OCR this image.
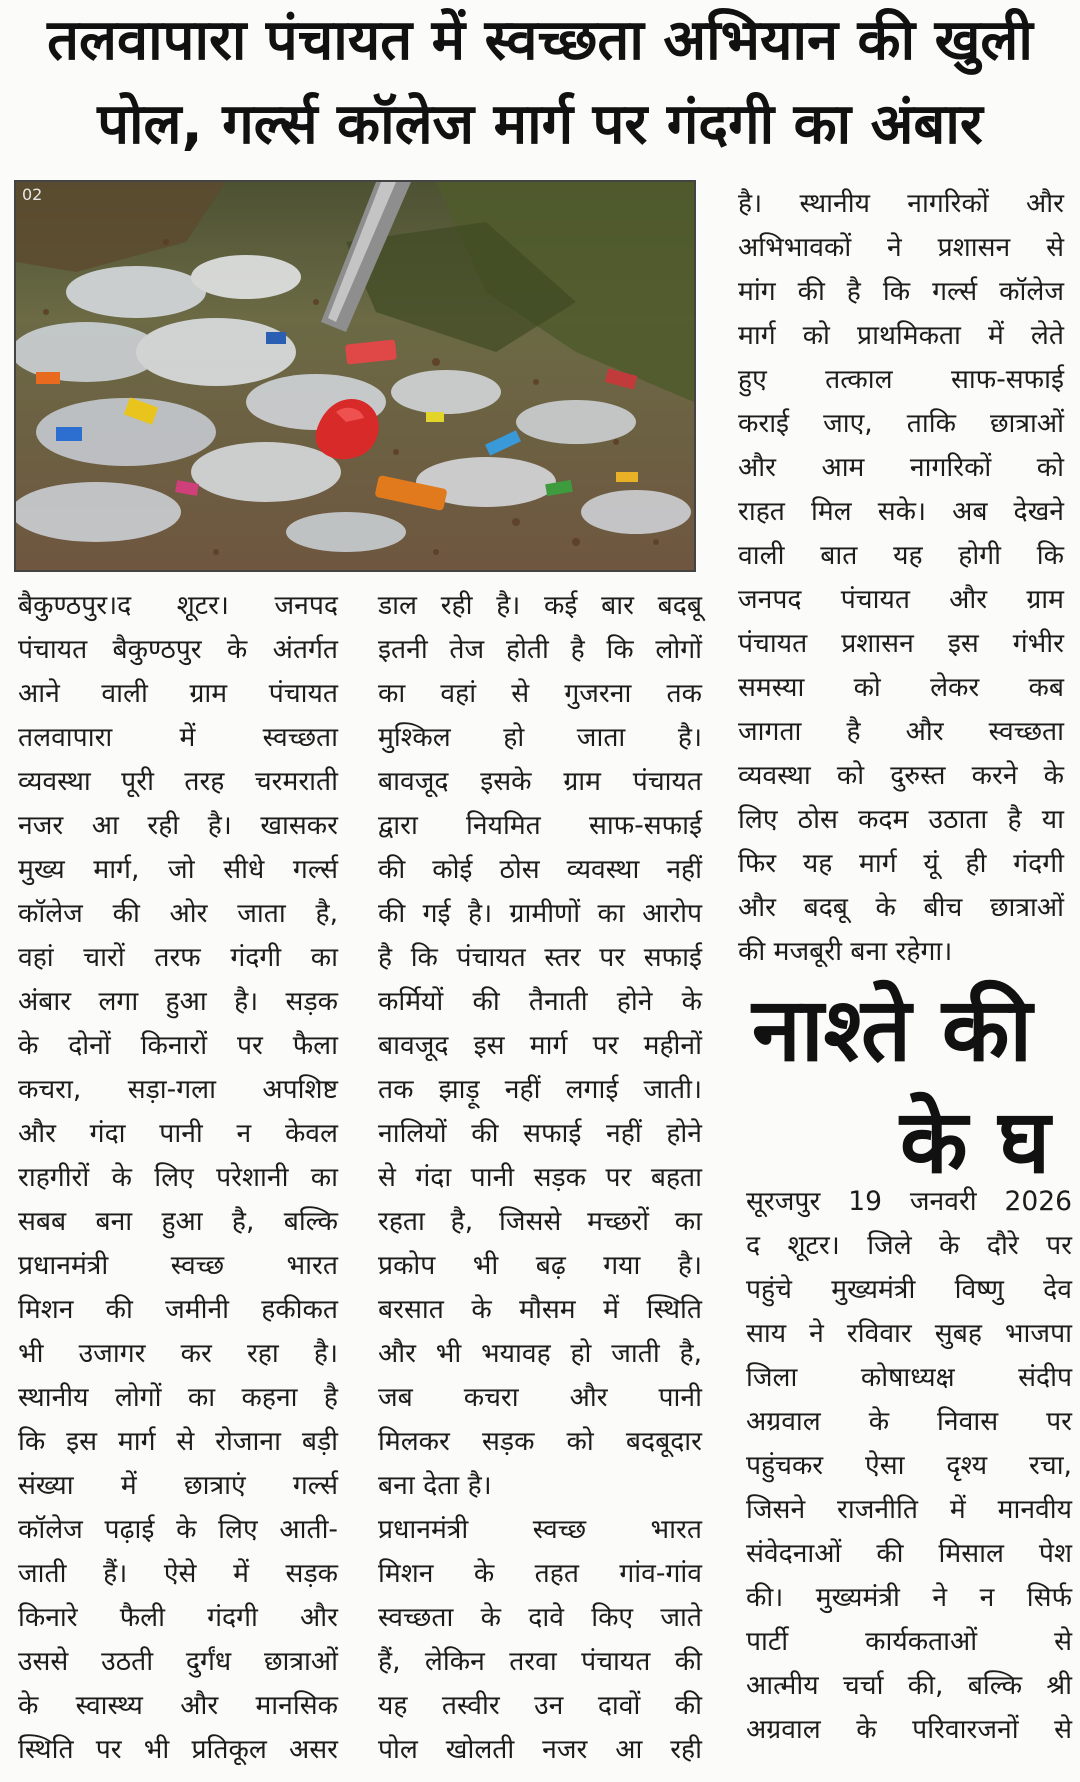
तलवापारा पंचायत में स्वच्छता अभियान की खुली
पोल, गर्ल्स कॉलेज मार्ग पर गंदगी का अंबार
02
बैकुण्ठपुर।द शूटर। जनपद
पंचायत बैकुण्ठपुर के अंतर्गत
आने वाली ग्राम पंचायत
तलवापारा में स्वच्छता
व्यवस्था पूरी तरह चरमराती
नजर आ रही है। खासकर
मुख्य मार्ग, जो सीधे गर्ल्स
कॉलेज की ओर जाता है,
वहां चारों तरफ गंदगी का
अंबार लगा हुआ है। सड़क
के दोनों किनारों पर फैला
कचरा, सड़ा-गला अपशिष्ट
और गंदा पानी न केवल
राहगीरों के लिए परेशानी का
सबब बना हुआ है, बल्कि
प्रधानमंत्री स्वच्छ भारत
मिशन की जमीनी हकीकत
भी उजागर कर रहा है।
स्थानीय लोगों का कहना है
कि इस मार्ग से रोजाना बड़ी
संख्या में छात्राएं गर्ल्स
कॉलेज पढ़ाई के लिए आती-
जाती हैं। ऐसे में सड़क
किनारे फैली गंदगी और
उससे उठती दुर्गंध छात्राओं
के स्वास्थ्य और मानसिक
स्थिति पर भी प्रतिकूल असर
डाल रही है। कई बार बदबू
इतनी तेज होती है कि लोगों
का वहां से गुजरना तक
मुश्किल हो जाता है।
बावजूद इसके ग्राम पंचायत
द्वारा नियमित साफ-सफाई
की कोई ठोस व्यवस्था नहीं
की गई है। ग्रामीणों का आरोप
है कि पंचायत स्तर पर सफाई
कर्मियों की तैनाती होने के
बावजूद इस मार्ग पर महीनों
तक झाड़ू नहीं लगाई जाती।
नालियों की सफाई नहीं होने
से गंदा पानी सड़क पर बहता
रहता है, जिससे मच्छरों का
प्रकोप भी बढ़ गया है।
बरसात के मौसम में स्थिति
और भी भयावह हो जाती है,
जब कचरा और पानी
मिलकर सड़क को बदबूदार
बना देता है।
प्रधानमंत्री स्वच्छ भारत
मिशन के तहत गांव-गांव
स्वच्छता के दावे किए जाते
हैं, लेकिन तरवा पंचायत की
यह तस्वीर उन दावों की
पोल खोलती नजर आ रही
है। स्थानीय नागरिकों और
अभिभावकों ने प्रशासन से
मांग की है कि गर्ल्स कॉलेज
मार्ग को प्राथमिकता में लेते
हुए तत्काल साफ-सफाई
कराई जाए, ताकि छात्राओं
और आम नागरिकों को
राहत मिल सके। अब देखने
वाली बात यह होगी कि
जनपद पंचायत और ग्राम
पंचायत प्रशासन इस गंभीर
समस्या को लेकर कब
जागता है और स्वच्छता
व्यवस्था को दुरुस्त करने के
लिए ठोस कदम उठाता है या
फिर यह मार्ग यूं ही गंदगी
और बदबू के बीच छात्राओं
की मजबूरी बना रहेगा।
नाश्ते की
के घ
सूरजपुर 19 जनवरी 2026
द शूटर। जिले के दौरे पर
पहुंचे मुख्यमंत्री विष्णु देव
साय ने रविवार सुबह भाजपा
जिला कोषाध्यक्ष संदीप
अग्रवाल के निवास पर
पहुंचकर ऐसा दृश्य रचा,
जिसने राजनीति में मानवीय
संवेदनाओं की मिसाल पेश
की। मुख्यमंत्री ने न सिर्फ
पार्टी कार्यकताओं से
आत्मीय चर्चा की, बल्कि श्री
अग्रवाल के परिवारजनों से
